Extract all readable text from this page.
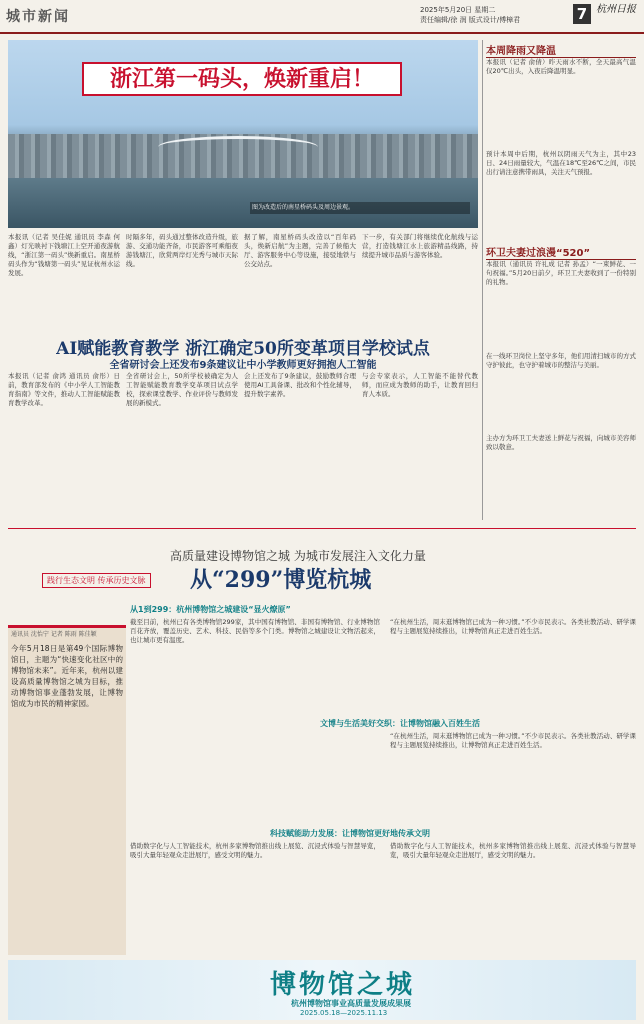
城市新闻	2025年5月20日 星期二
责任编辑/徐 润 版式设计/傅樟君	7 杭州日报
浙江第一码头，焕新重启！
图为改造后的南星桥码头及周边景观。
本报讯（记者 吴佳妮 通讯员 李森 何鑫）灯光映衬下钱塘江上空开通夜游航线，“浙江第一码头”焕新重启。南星桥码头作为“钱塘第一码头”见证杭州水运发展。
时隔多年，码头通过整体改造升级，旅游、交通功能齐备，市民游客可乘船夜游钱塘江，欣赏两岸灯光秀与城市天际线。
据了解，南星桥码头改造以“百年码头，焕新启航”为主题，完善了候船大厅、游客服务中心等设施，接驳地铁与公交站点。
下一步，有关部门将继续优化航线与运营，打造钱塘江水上旅游精品线路，持续提升城市品质与游客体验。
AI赋能教育教学 浙江确定50所变革项目学校试点
全省研讨会上还发布9条建议让中小学教师更好拥抱人工智能
本报讯（记者 俞鸿 通讯员 俞彤）日前，教育部发布的《中小学人工智能教育指南》等文件，推动人工智能赋能教育教学改革。
全省研讨会上，50所学校被确定为人工智能赋能教育教学变革项目试点学校，探索课堂教学、作业评价与教师发展的新模式。
会上还发布了9条建议，鼓励教师合理使用AI工具备课、批改和个性化辅导，提升数字素养。
与会专家表示，人工智能不能替代教师，而应成为教师的助手，让教育回归育人本质。
本周降雨又降温
本报讯（记者 俞倩）昨天雨水不断，全天最高气温仅20℃出头，入夜后降温明显。
预计本周中后期，杭州以阴雨天气为主，其中23日、24日雨量较大，气温在18℃至26℃之间，市民出行请注意携带雨具，关注天气预报。
环卫夫妻过浪漫“520”
本报讯（通讯员 许礼成 记者 孙孟）“一束鲜花、一句祝福。”5月20日前夕，环卫工夫妻收到了一份特别的礼物。
在一线环卫岗位上坚守多年，他们用清扫城市的方式守护彼此，也守护着城市的整洁与美丽。
主办方为环卫工夫妻送上鲜花与祝福，向城市美容师致以敬意。
践行生态文明 传承历史文脉
高质量建设博物馆之城 为城市发展注入文化力量
从“299”博览杭城
通讯员 沈怡宁 记者 陈雨 陈佳颖
今年5月18日是第49个国际博物馆日，主题为“快速变化社区中的博物馆未来”。近年来，杭州以建设高质量博物馆之城为目标，推动博物馆事业蓬勃发展，让博物馆成为市民的精神家园。
从1到299：杭州博物馆之城建设“显火燎原”
截至目前，杭州已有各类博物馆299家，其中国有博物馆、非国有博物馆、行业博物馆百花齐放，覆盖历史、艺术、科技、民俗等多个门类。博物馆之城建设让文物活起来，也让城市更有温度。
“在杭州生活，周末逛博物馆已成为一种习惯。”不少市民表示。各类社教活动、研学课程与主题展览持续推出，让博物馆真正走进百姓生活。
文博与生活美好交织：让博物馆融入百姓生活
“在杭州生活，周末逛博物馆已成为一种习惯。”不少市民表示。各类社教活动、研学课程与主题展览持续推出，让博物馆真正走进百姓生活。
科技赋能助力发展：让博物馆更好地传承文明
借助数字化与人工智能技术，杭州多家博物馆推出线上展览、沉浸式体验与智慧导览，吸引大量年轻观众走进展厅，感受文明的魅力。
借助数字化与人工智能技术，杭州多家博物馆推出线上展览、沉浸式体验与智慧导览，吸引大量年轻观众走进展厅，感受文明的魅力。
博物馆之城
杭州博物馆事业高质量发展成果展
2025.05.18—2025.11.13
